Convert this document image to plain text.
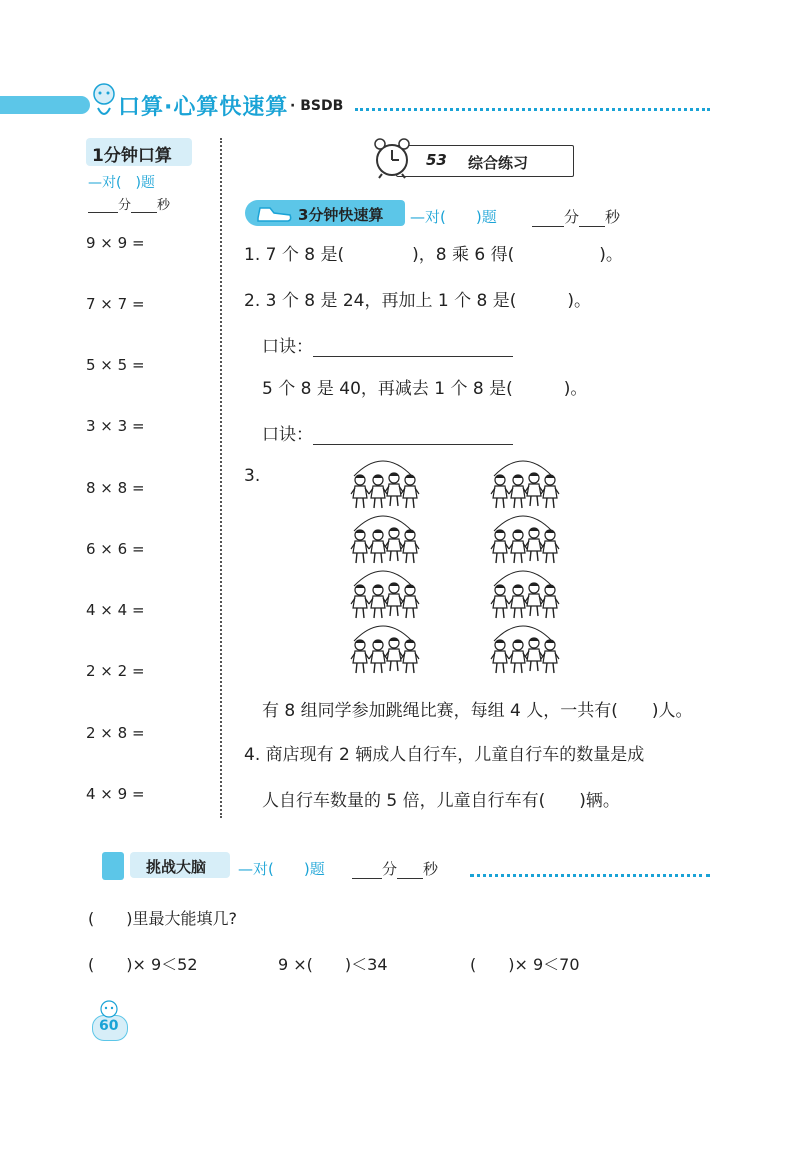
口算·心算快速算 · BSDB
1分钟口算
—对(　)题
分 秒
9 × 9 =
7 × 7 =
5 × 5 =
3 × 3 =
8 × 8 =
6 × 6 =
4 × 4 =
2 × 2 =
2 × 8 =
4 × 9 =
53 综合练习
3分钟快速算 —对(　　)题	分 秒
1. 7 个 8 是(　　　　)，8 乘 6 得(　　　　　)。
2. 3 个 8 是 24，再加上 1 个 8 是(　　　)。
口诀：
5 个 8 是 40，再减去 1 个 8 是(　　　)。
口诀：
3.
有 8 组同学参加跳绳比赛，每组 4 人，一共有(　　)人。
4. 商店现有 2 辆成人自行车，儿童自行车的数量是成
人自行车数量的 5 倍，儿童自行车有(　　)辆。
挑战大脑 —对(　　)题	分 秒
(　　)里最大能填几?
(　　)× 9＜52	9 ×(　　)＜34	(　　)× 9＜70
60
